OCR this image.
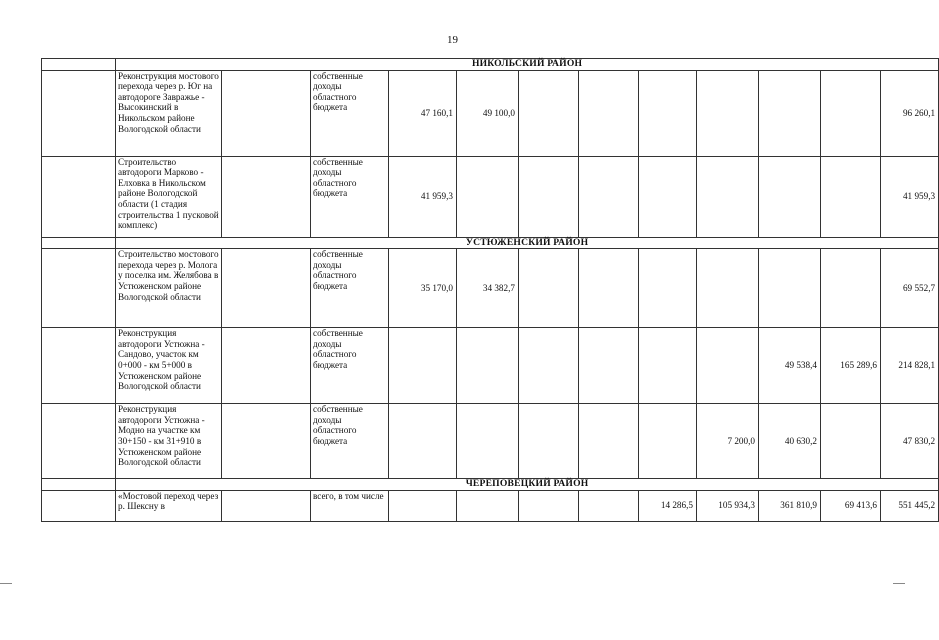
19
	НИКОЛЬСКИЙ РАЙОН											
	Реконструкция мостового перехода через р. Юг на автодороге Завражье - Высокинский в Никольском районе Вологодской области		собственные доходы областного бюджета	47 160,1	49 100,0							96 260,1
	Строительство автодороги Марково - Елховка в Никольском районе Вологодской области (1 стадия строительства 1 пусковой комплекс)		собственные доходы областного бюджета	41 959,3								41 959,3
	УСТЮЖЕНСКИЙ РАЙОН											
	Строительство мостового перехода через р. Молога у поселка им. Желябова в Устюженском районе Вологодской области		собственные доходы областного бюджета	35 170,0	34 382,7							69 552,7
	Реконструкция автодороги Устюжна - Сандово, участок км 0+000 - км 5+000 в Устюженском районе Вологодской области		собственные доходы областного бюджета							49 538,4	165 289,6	214 828,1
	Реконструкция автодороги Устюжна - Модно на участке км 30+150 - км 31+910 в Устюженском районе Вологодской области		собственные доходы областного бюджета						7 200,0	40 630,2		47 830,2
	ЧЕРЕПОВЕЦКИЙ РАЙОН											
	«Мостовой переход через р. Шексну в		всего, в том числе					14 286,5	105 934,3	361 810,9	69 413,6	551 445,2
